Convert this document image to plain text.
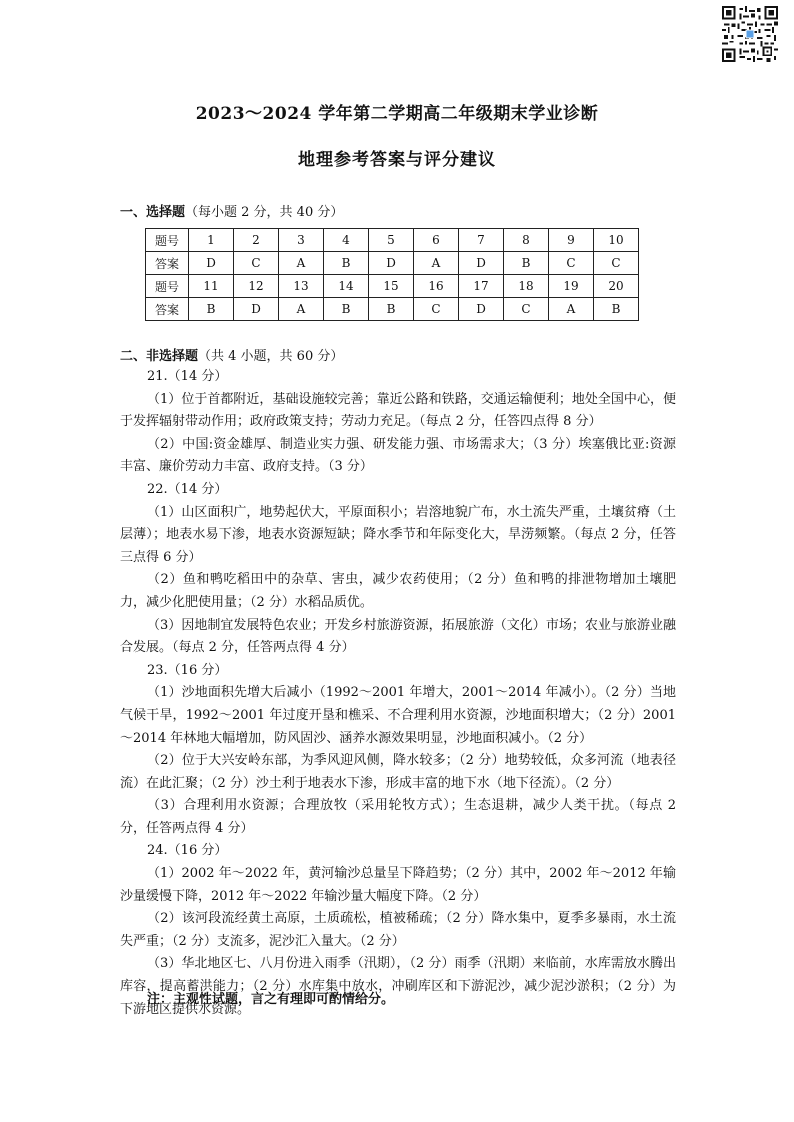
2023～2024 学年第二学期高二年级期末学业诊断
地理参考答案与评分建议
一、选择题（每小题 2 分，共 40 分）
题号	1	2	3	4	5	6	7	8	9	10
答案	D	C	A	B	D	A	D	B	C	C
题号	11	12	13	14	15	16	17	18	19	20
答案	B	D	A	B	B	C	D	C	A	B
二、非选择题（共 4 小题，共 60 分）

21.（14 分）

（1）位于首都附近，基础设施较完善；靠近公路和铁路，交通运输便利；地处全国中心，便于发挥辐射带动作用；政府政策支持；劳动力充足。（每点 2 分，任答四点得 8 分）

（2）中国:资金雄厚、制造业实力强、研发能力强、市场需求大；（3 分）埃塞俄比亚:资源丰富、廉价劳动力丰富、政府支持。（3 分）

22.（14 分）

（1）山区面积广，地势起伏大，平原面积小；岩溶地貌广布，水土流失严重，土壤贫瘠（土层薄）；地表水易下渗，地表水资源短缺；降水季节和年际变化大，旱涝频繁。（每点 2 分，任答三点得 6 分）

（2）鱼和鸭吃稻田中的杂草、害虫，减少农药使用；（2 分）鱼和鸭的排泄物增加土壤肥力，减少化肥使用量；（2 分）水稻品质优。

（3）因地制宜发展特色农业；开发乡村旅游资源，拓展旅游（文化）市场；农业与旅游业融合发展。（每点 2 分，任答两点得 4 分）

23.（16 分）

（1）沙地面积先增大后减小（1992～2001 年增大，2001～2014 年减小）。（2 分）当地气候干旱，1992～2001 年过度开垦和樵采、不合理利用水资源，沙地面积增大；（2 分）2001～2014 年林地大幅增加，防风固沙、涵养水源效果明显，沙地面积减小。（2 分）

（2）位于大兴安岭东部，为季风迎风侧，降水较多；（2 分）地势较低，众多河流（地表径流）在此汇聚；（2 分）沙土利于地表水下渗，形成丰富的地下水（地下径流）。（2 分）

（3）合理利用水资源；合理放牧（采用轮牧方式）；生态退耕，减少人类干扰。（每点 2 分，任答两点得 4 分）

24.（16 分）

（1）2002 年～2022 年，黄河输沙总量呈下降趋势；（2 分）其中，2002 年～2012 年输沙量缓慢下降，2012 年～2022 年输沙量大幅度下降。（2 分）

（2）该河段流经黄土高原，土质疏松，植被稀疏；（2 分）降水集中，夏季多暴雨，水土流失严重；（2 分）支流多，泥沙汇入量大。（2 分）

（3）华北地区七、八月份进入雨季（汛期），（2 分）雨季（汛期）来临前，水库需放水腾出库容，提高蓄洪能力；（2 分）水库集中放水，冲刷库区和下游泥沙，减少泥沙淤积；（2 分）为下游地区提供水资源。

注：主观性试题，言之有理即可酌情给分。
